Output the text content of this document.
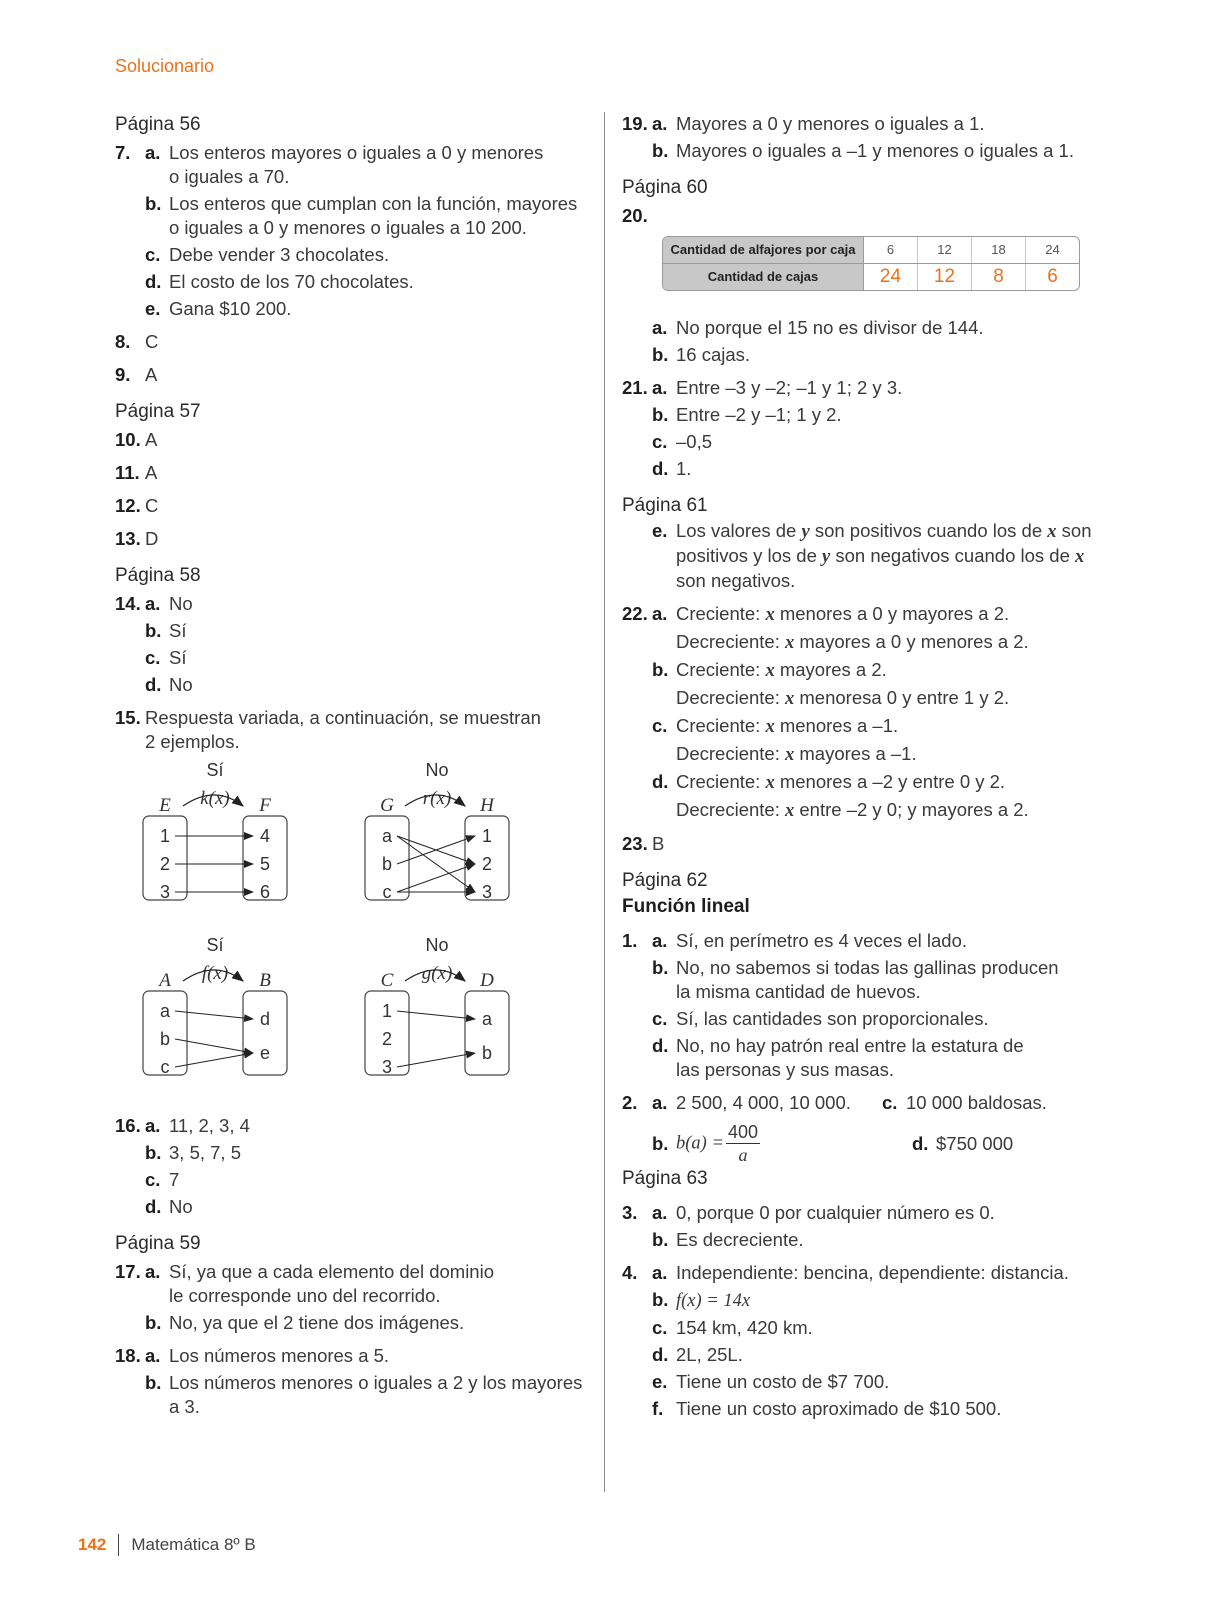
Solucionario
Página 56
7. a. Los enteros mayores o iguales a 0 y menores
o iguales a 70.
b. Los enteros que cumplan con la función, mayores
o iguales a 0 y menores o iguales a 10 200.
c. Debe vender 3 chocolates.
d. El costo de los 70 chocolates.
e. Gana $10 200.
8. C
9. A
Página 57
10. A
11. A
12. C
13. D
Página 58
14. a. No
b. Sí
c. Sí
d. No
15. Respuesta variada, a continuación, se muestran
2 ejemplos.
Sí
k(x)
E	F
1
2
3
4
5
6
No
r(x)
G	H
a
b
c
1
2
3
Sí
f(x)
A	B
a
b
c
d
e
No
g(x)
C	D
1
2
3
a
b
16. a. 11, 2, 3, 4
b. 3, 5, 7, 5
c. 7
d. No
Página 59
17. a. Sí, ya que a cada elemento del dominio
le corresponde uno del recorrido.
b. No, ya que el 2 tiene dos imágenes.
18. a. Los números menores a 5.
b. Los números menores o iguales a 2 y los mayores
a 3.
19. a. Mayores a 0 y menores o iguales a 1.
b. Mayores o iguales a –1 y menores o iguales a 1.
Página 60
20.
Cantidad de alfajores por caja	6	12	18	24
Cantidad de cajas	24	12	8	6
a. No porque el 15 no es divisor de 144.
b. 16 cajas.
21. a. Entre –3 y –2; –1 y 1; 2 y 3.
b. Entre –2 y –1; 1 y 2.
c. –0,5
d. 1.
Página 61
e. Los valores de y son positivos cuando los de x son
positivos y los de y son negativos cuando los de x
son negativos.
22. a. Creciente: x menores a 0 y mayores a 2.
Decreciente: x mayores a 0 y menores a 2.
b. Creciente: x mayores a 2.
Decreciente: x menoresa 0 y entre 1 y 2.
c. Creciente: x menores a –1.
Decreciente: x mayores a –1.
d. Creciente: x menores a –2 y entre 0 y 2.
Decreciente: x entre –2 y 0; y mayores a 2.
23. B
Página 62
Función lineal
1. a. Sí, en perímetro es 4 veces el lado.
b. No, no sabemos si todas las gallinas producen
la misma cantidad de huevos.
c. Sí, las cantidades son proporcionales.
d. No, no hay patrón real entre la estatura de
las personas y sus masas.
2. a. 2 500, 4 000, 10 000.	c. 10 000 baldosas.
b. $b(a) = \frac{400}{a}$	d. $750 000
Página 63
3. a. 0, porque 0 por cualquier número es 0.
b. Es decreciente.
4. a. Independiente: bencina, dependiente: distancia.
b. f(x) = 14x
c. 154 km, 420 km.
d. 2L, 25L.
e. Tiene un costo de $7 700.
f. Tiene un costo aproximado de $10 500.
142 Matemática 8º B
